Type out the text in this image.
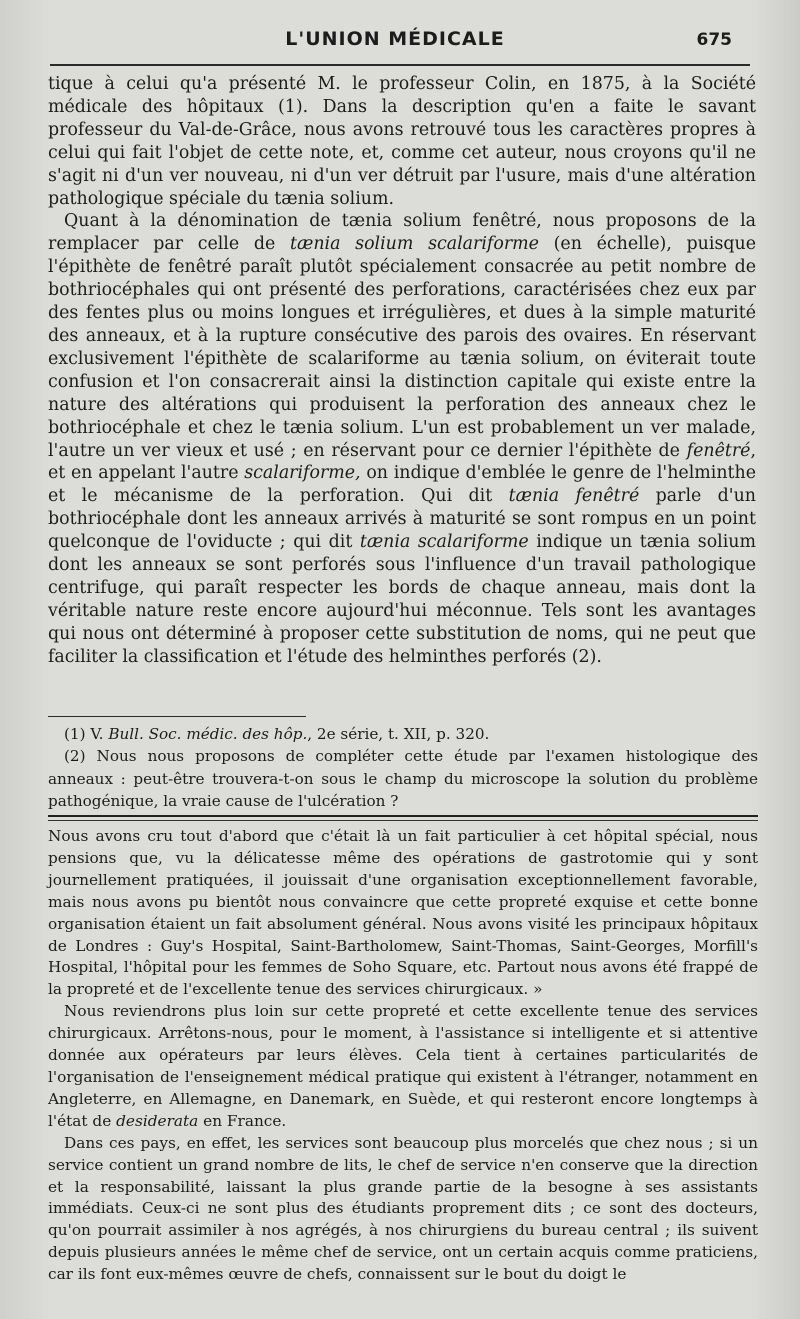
L'UNION MÉDICALE	675

tique à celui qu'a présenté M. le professeur Colin, en 1875, à la Société médicale des hôpitaux (1). Dans la description qu'en a faite le savant professeur du Val-de-Grâce, nous avons retrouvé tous les caractères propres à celui qui fait l'objet de cette note, et, comme cet auteur, nous croyons qu'il ne s'agit ni d'un ver nouveau, ni d'un ver détruit par l'usure, mais d'une altération pathologique spéciale du tænia solium.

Quant à la dénomination de tænia solium fenêtré, nous proposons de la remplacer par celle de tænia solium scalariforme (en échelle), puisque l'épithète de fenêtré paraît plutôt spécialement consacrée au petit nombre de bothriocéphales qui ont présenté des perforations, caractérisées chez eux par des fentes plus ou moins longues et irrégulières, et dues à la simple maturité des anneaux, et à la rupture consécutive des parois des ovaires. En réservant exclusivement l'épithète de scalariforme au tænia solium, on éviterait toute confusion et l'on consacrerait ainsi la distinction capitale qui existe entre la nature des altérations qui produisent la perforation des anneaux chez le bothriocéphale et chez le tænia solium. L'un est probablement un ver malade, l'autre un ver vieux et usé ; en réservant pour ce dernier l'épithète de fenêtré, et en appelant l'autre scalariforme, on indique d'emblée le genre de l'helminthe et le mécanisme de la perforation. Qui dit tænia fenêtré parle d'un bothriocéphale dont les anneaux arrivés à maturité se sont rompus en un point quelconque de l'oviducte ; qui dit tænia scalariforme indique un tænia solium dont les anneaux se sont perforés sous l'influence d'un travail pathologique centrifuge, qui paraît respecter les bords de chaque anneau, mais dont la véritable nature reste encore aujourd'hui méconnue. Tels sont les avantages qui nous ont déterminé à proposer cette substitution de noms, qui ne peut que faciliter la classification et l'étude des helminthes perforés (2).

(1) V. Bull. Soc. médic. des hôp., 2e série, t. XII, p. 320.

(2) Nous nous proposons de compléter cette étude par l'examen histologique des anneaux : peut-être trouvera-t-on sous le champ du microscope la solution du problème pathogénique, la vraie cause de l'ulcération ?

Nous avons cru tout d'abord que c'était là un fait particulier à cet hôpital spécial, nous pensions que, vu la délicatesse même des opérations de gastrotomie qui y sont journellement pratiquées, il jouissait d'une organisation exceptionnellement favorable, mais nous avons pu bientôt nous convaincre que cette propreté exquise et cette bonne organisation étaient un fait absolument général. Nous avons visité les principaux hôpitaux de Londres : Guy's Hospital, Saint-Bartholomew, Saint-Thomas, Saint-Georges, Morfill's Hospital, l'hôpital pour les femmes de Soho Square, etc. Partout nous avons été frappé de la propreté et de l'excellente tenue des services chirurgicaux. »

Nous reviendrons plus loin sur cette propreté et cette excellente tenue des services chirurgicaux. Arrêtons-nous, pour le moment, à l'assistance si intelligente et si attentive donnée aux opérateurs par leurs élèves. Cela tient à certaines particularités de l'organisation de l'enseignement médical pratique qui existent à l'étranger, notamment en Angleterre, en Allemagne, en Danemark, en Suède, et qui resteront encore longtemps à l'état de desiderata en France.

Dans ces pays, en effet, les services sont beaucoup plus morcelés que chez nous ; si un service contient un grand nombre de lits, le chef de service n'en conserve que la direction et la responsabilité, laissant la plus grande partie de la besogne à ses assistants immédiats. Ceux-ci ne sont plus des étudiants proprement dits ; ce sont des docteurs, qu'on pourrait assimiler à nos agrégés, à nos chirurgiens du bureau central ; ils suivent depuis plusieurs années le même chef de service, ont un certain acquis comme praticiens, car ils font eux-mêmes œuvre de chefs, connaissent sur le bout du doigt le
